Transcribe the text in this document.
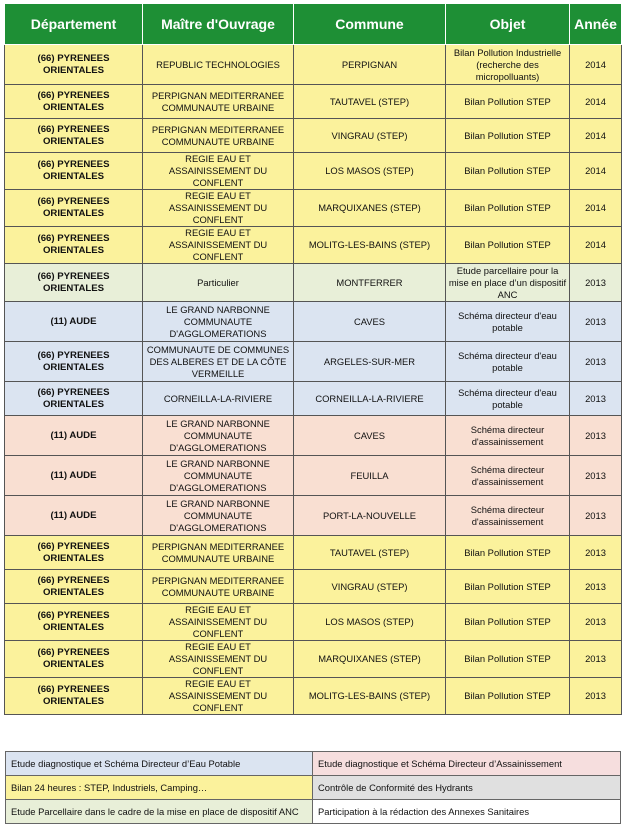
Département	Maître d'Ouvrage	Commune	Objet	Année
(66) PYRENEES ORIENTALES	REPUBLIC TECHNOLOGIES	PERPIGNAN	Bilan Pollution Industrielle (recherche des micropolluants)	2014
(66) PYRENEES ORIENTALES	PERPIGNAN MEDITERRANEE COMMUNAUTE URBAINE	TAUTAVEL (STEP)	Bilan Pollution STEP	2014
(66) PYRENEES ORIENTALES	PERPIGNAN MEDITERRANEE COMMUNAUTE URBAINE	VINGRAU (STEP)	Bilan Pollution STEP	2014
(66) PYRENEES ORIENTALES	REGIE EAU ET ASSAINISSEMENT DU CONFLENT	LOS MASOS (STEP)	Bilan Pollution STEP	2014
(66) PYRENEES ORIENTALES	REGIE EAU ET ASSAINISSEMENT DU CONFLENT	MARQUIXANES (STEP)	Bilan Pollution STEP	2014
(66) PYRENEES ORIENTALES	REGIE EAU ET ASSAINISSEMENT DU CONFLENT	MOLITG-LES-BAINS (STEP)	Bilan Pollution STEP	2014
(66) PYRENEES ORIENTALES	Particulier	MONTFERRER	Etude parcellaire pour la mise en place d’un dispositif ANC	2013
(11) AUDE	LE GRAND NARBONNE COMMUNAUTE D'AGGLOMERATIONS	CAVES	Schéma directeur d'eau potable	2013
(66) PYRENEES ORIENTALES	COMMUNAUTE DE COMMUNES DES ALBERES ET DE LA CÔTE VERMEILLE	ARGELES-SUR-MER	Schéma directeur d'eau potable	2013
(66) PYRENEES ORIENTALES	CORNEILLA-LA-RIVIERE	CORNEILLA-LA-RIVIERE	Schéma directeur d'eau potable	2013
(11) AUDE	LE GRAND NARBONNE COMMUNAUTE D'AGGLOMERATIONS	CAVES	Schéma directeur d'assainissement	2013
(11) AUDE	LE GRAND NARBONNE COMMUNAUTE D'AGGLOMERATIONS	FEUILLA	Schéma directeur d'assainissement	2013
(11) AUDE	LE GRAND NARBONNE COMMUNAUTE D'AGGLOMERATIONS	PORT-LA-NOUVELLE	Schéma directeur d'assainissement	2013
(66) PYRENEES ORIENTALES	PERPIGNAN MEDITERRANEE COMMUNAUTE URBAINE	TAUTAVEL (STEP)	Bilan Pollution STEP	2013
(66) PYRENEES ORIENTALES	PERPIGNAN MEDITERRANEE COMMUNAUTE URBAINE	VINGRAU (STEP)	Bilan Pollution STEP	2013
(66) PYRENEES ORIENTALES	REGIE EAU ET ASSAINISSEMENT DU CONFLENT	LOS MASOS (STEP)	Bilan Pollution STEP	2013
(66) PYRENEES ORIENTALES	REGIE EAU ET ASSAINISSEMENT DU CONFLENT	MARQUIXANES (STEP)	Bilan Pollution STEP	2013
(66) PYRENEES ORIENTALES	REGIE EAU ET ASSAINISSEMENT DU CONFLENT	MOLITG-LES-BAINS (STEP)	Bilan Pollution STEP	2013
Etude diagnostique et Schéma Directeur d’Eau Potable	Etude diagnostique et Schéma Directeur d’Assainissement
Bilan 24 heures : STEP, Industriels, Camping…	Contrôle de Conformité des Hydrants
Etude Parcellaire dans le cadre de la mise en place de dispositif ANC	Participation à la rédaction des Annexes Sanitaires
